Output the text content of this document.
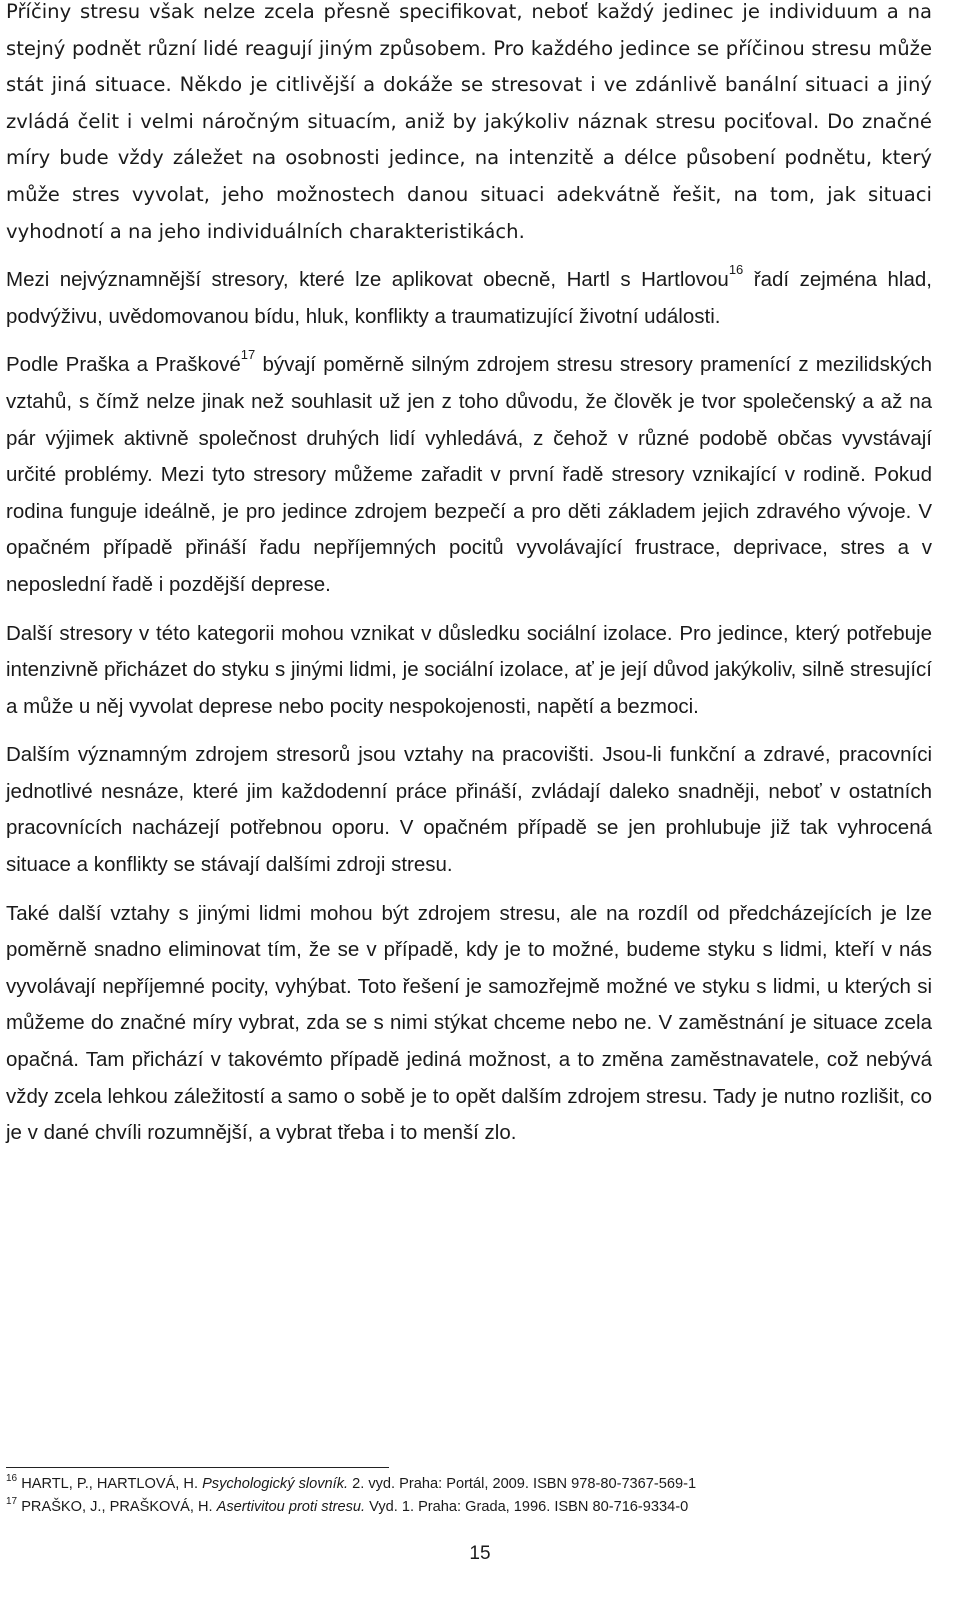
Příčiny stresu však nelze zcela přesně specifikovat, neboť každý jedinec je individuum a na stejný podnět různí lidé reagují jiným způsobem. Pro každého jedince se příčinou stresu může stát jiná situace. Někdo je citlivější a dokáže se stresovat i ve zdánlivě banální situaci a jiný zvládá čelit i velmi náročným situacím, aniž by jakýkoliv náznak stresu pociťoval. Do značné míry bude vždy záležet na osobnosti jedince, na intenzitě a délce působení podnětu, který může stres vyvolat, jeho možnostech danou situaci adekvátně řešit, na tom, jak situaci vyhodnotí a na jeho individuálních charakteristikách.

Mezi nejvýznamnější stresory, které lze aplikovat obecně, Hartl s Hartlovou$^{16}$ řadí zejména hlad, podvýživu, uvědomovanou bídu, hluk, konflikty a traumatizující životní události.

Podle Praška a Praškové$^{17}$ bývají poměrně silným zdrojem stresu stresory pramenící z mezilidských vztahů, s čímž nelze jinak než souhlasit už jen z toho důvodu, že člověk je tvor společenský a až na pár výjimek aktivně společnost druhých lidí vyhledává, z čehož v různé podobě občas vyvstávají určité problémy. Mezi tyto stresory můžeme zařadit v první řadě stresory vznikající v rodině. Pokud rodina funguje ideálně, je pro jedince zdrojem bezpečí a pro děti základem jejich zdravého vývoje. V opačném případě přináší řadu nepříjemných pocitů vyvolávající frustrace, deprivace, stres a v neposlední řadě i pozdější deprese.

Další stresory v této kategorii mohou vznikat v důsledku sociální izolace. Pro jedince, který potřebuje intenzivně přicházet do styku s jinými lidmi, je sociální izolace, ať je její důvod jakýkoliv, silně stresující a může u něj vyvolat deprese nebo pocity nespokojenosti, napětí a bezmoci.

Dalším významným zdrojem stresorů jsou vztahy na pracovišti. Jsou-li funkční a zdravé, pracovníci jednotlivé nesnáze, které jim každodenní práce přináší, zvládají daleko snadněji, neboť v ostatních pracovnících nacházejí potřebnou oporu. V opačném případě se jen prohlubuje již tak vyhrocená situace a konflikty se stávají dalšími zdroji stresu.

Také další vztahy s jinými lidmi mohou být zdrojem stresu, ale na rozdíl od předcházejících je lze poměrně snadno eliminovat tím, že se v případě, kdy je to možné, budeme styku s lidmi, kteří v nás vyvolávají nepříjemné pocity, vyhýbat. Toto řešení je samozřejmě možné ve styku s lidmi, u kterých si můžeme do značné míry vybrat, zda se s nimi stýkat chceme nebo ne. V zaměstnání je situace zcela opačná. Tam přichází v takovémto případě jediná možnost, a to změna zaměstnavatele, což nebývá vždy zcela lehkou záležitostí a samo o sobě je to opět dalším zdrojem stresu. Tady je nutno rozlišit, co je v dané chvíli rozumnější, a vybrat třeba i to menší zlo.

$^{16}$ HARTL, P., HARTLOVÁ, H. Psychologický slovník. 2. vyd. Praha: Portál, 2009. ISBN 978-80-7367-569-1
$^{17}$ PRAŠKO, J., PRAŠKOVÁ, H. Asertivitou proti stresu. Vyd. 1. Praha: Grada, 1996. ISBN 80-716-9334-0
15
